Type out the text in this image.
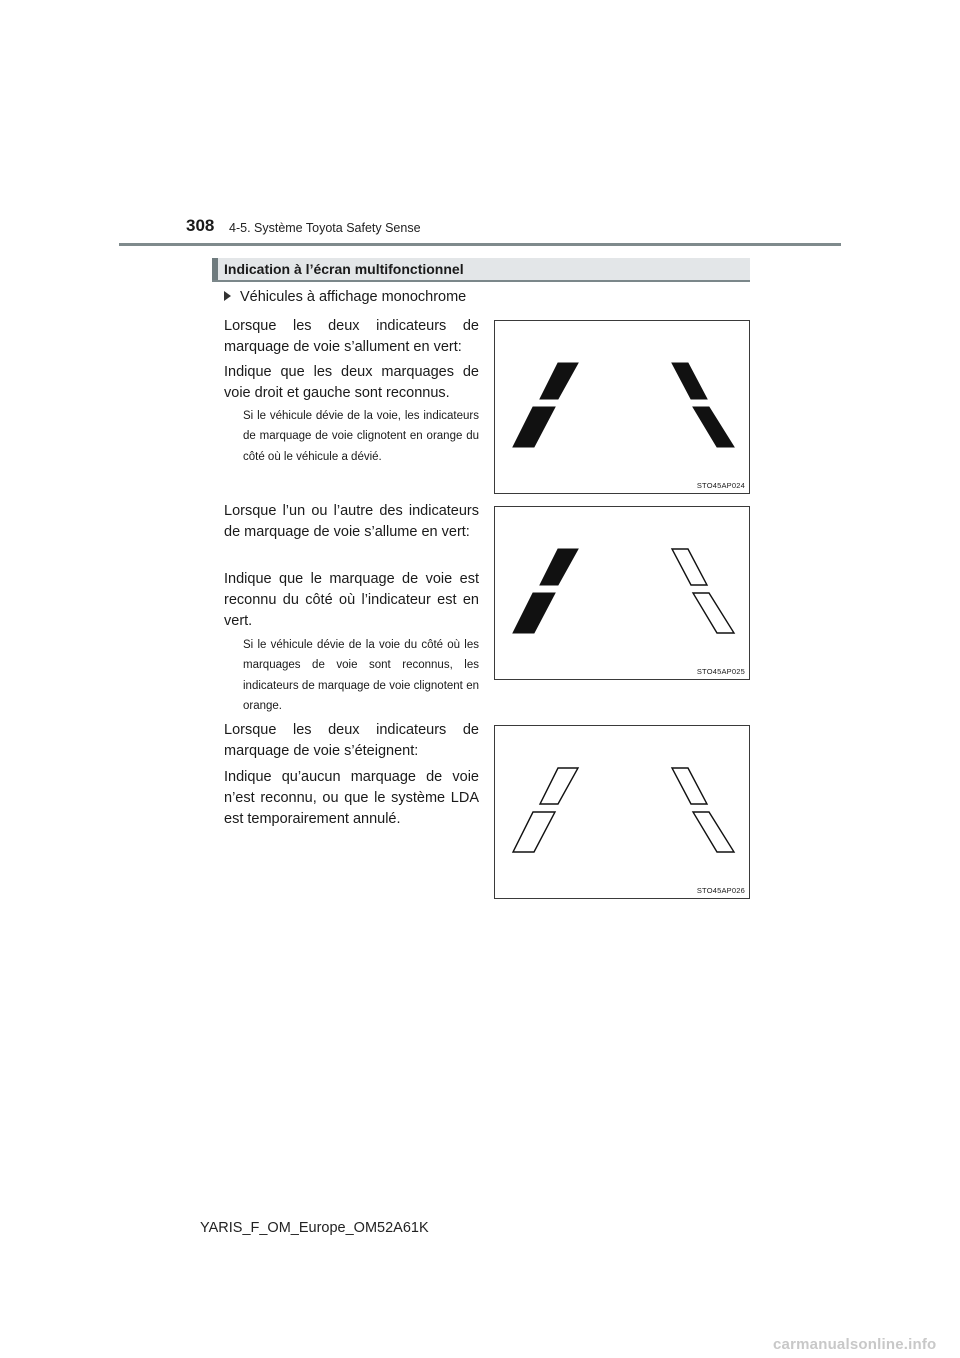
308 4-5. Système Toyota Safety Sense
Indication à l’écran multifonctionnel
Véhicules à affichage monochrome
Lorsque les deux indicateurs de marquage de voie s’allument en vert:
Indique que les deux marquages de voie droit et gauche sont reconnus.
Si le véhicule dévie de la voie, les indicateurs de marquage de voie clignotent en orange du côté où le véhicule a dévié.
Lorsque l’un ou l’autre des indicateurs de marquage de voie s’allume en vert:
Indique que le marquage de voie est reconnu du côté où l’indicateur est en vert.
Si le véhicule dévie de la voie du côté où les marquages de voie sont reconnus, les indicateurs de marquage de voie clignotent en orange.
Lorsque les deux indicateurs de marquage de voie s’éteignent:
Indique qu’aucun marquage de voie n’est reconnu, ou que le système LDA est temporairement annulé.
STO45AP024
STO45AP025
STO45AP026
YARIS_F_OM_Europe_OM52A61K
carmanualsonline.info
